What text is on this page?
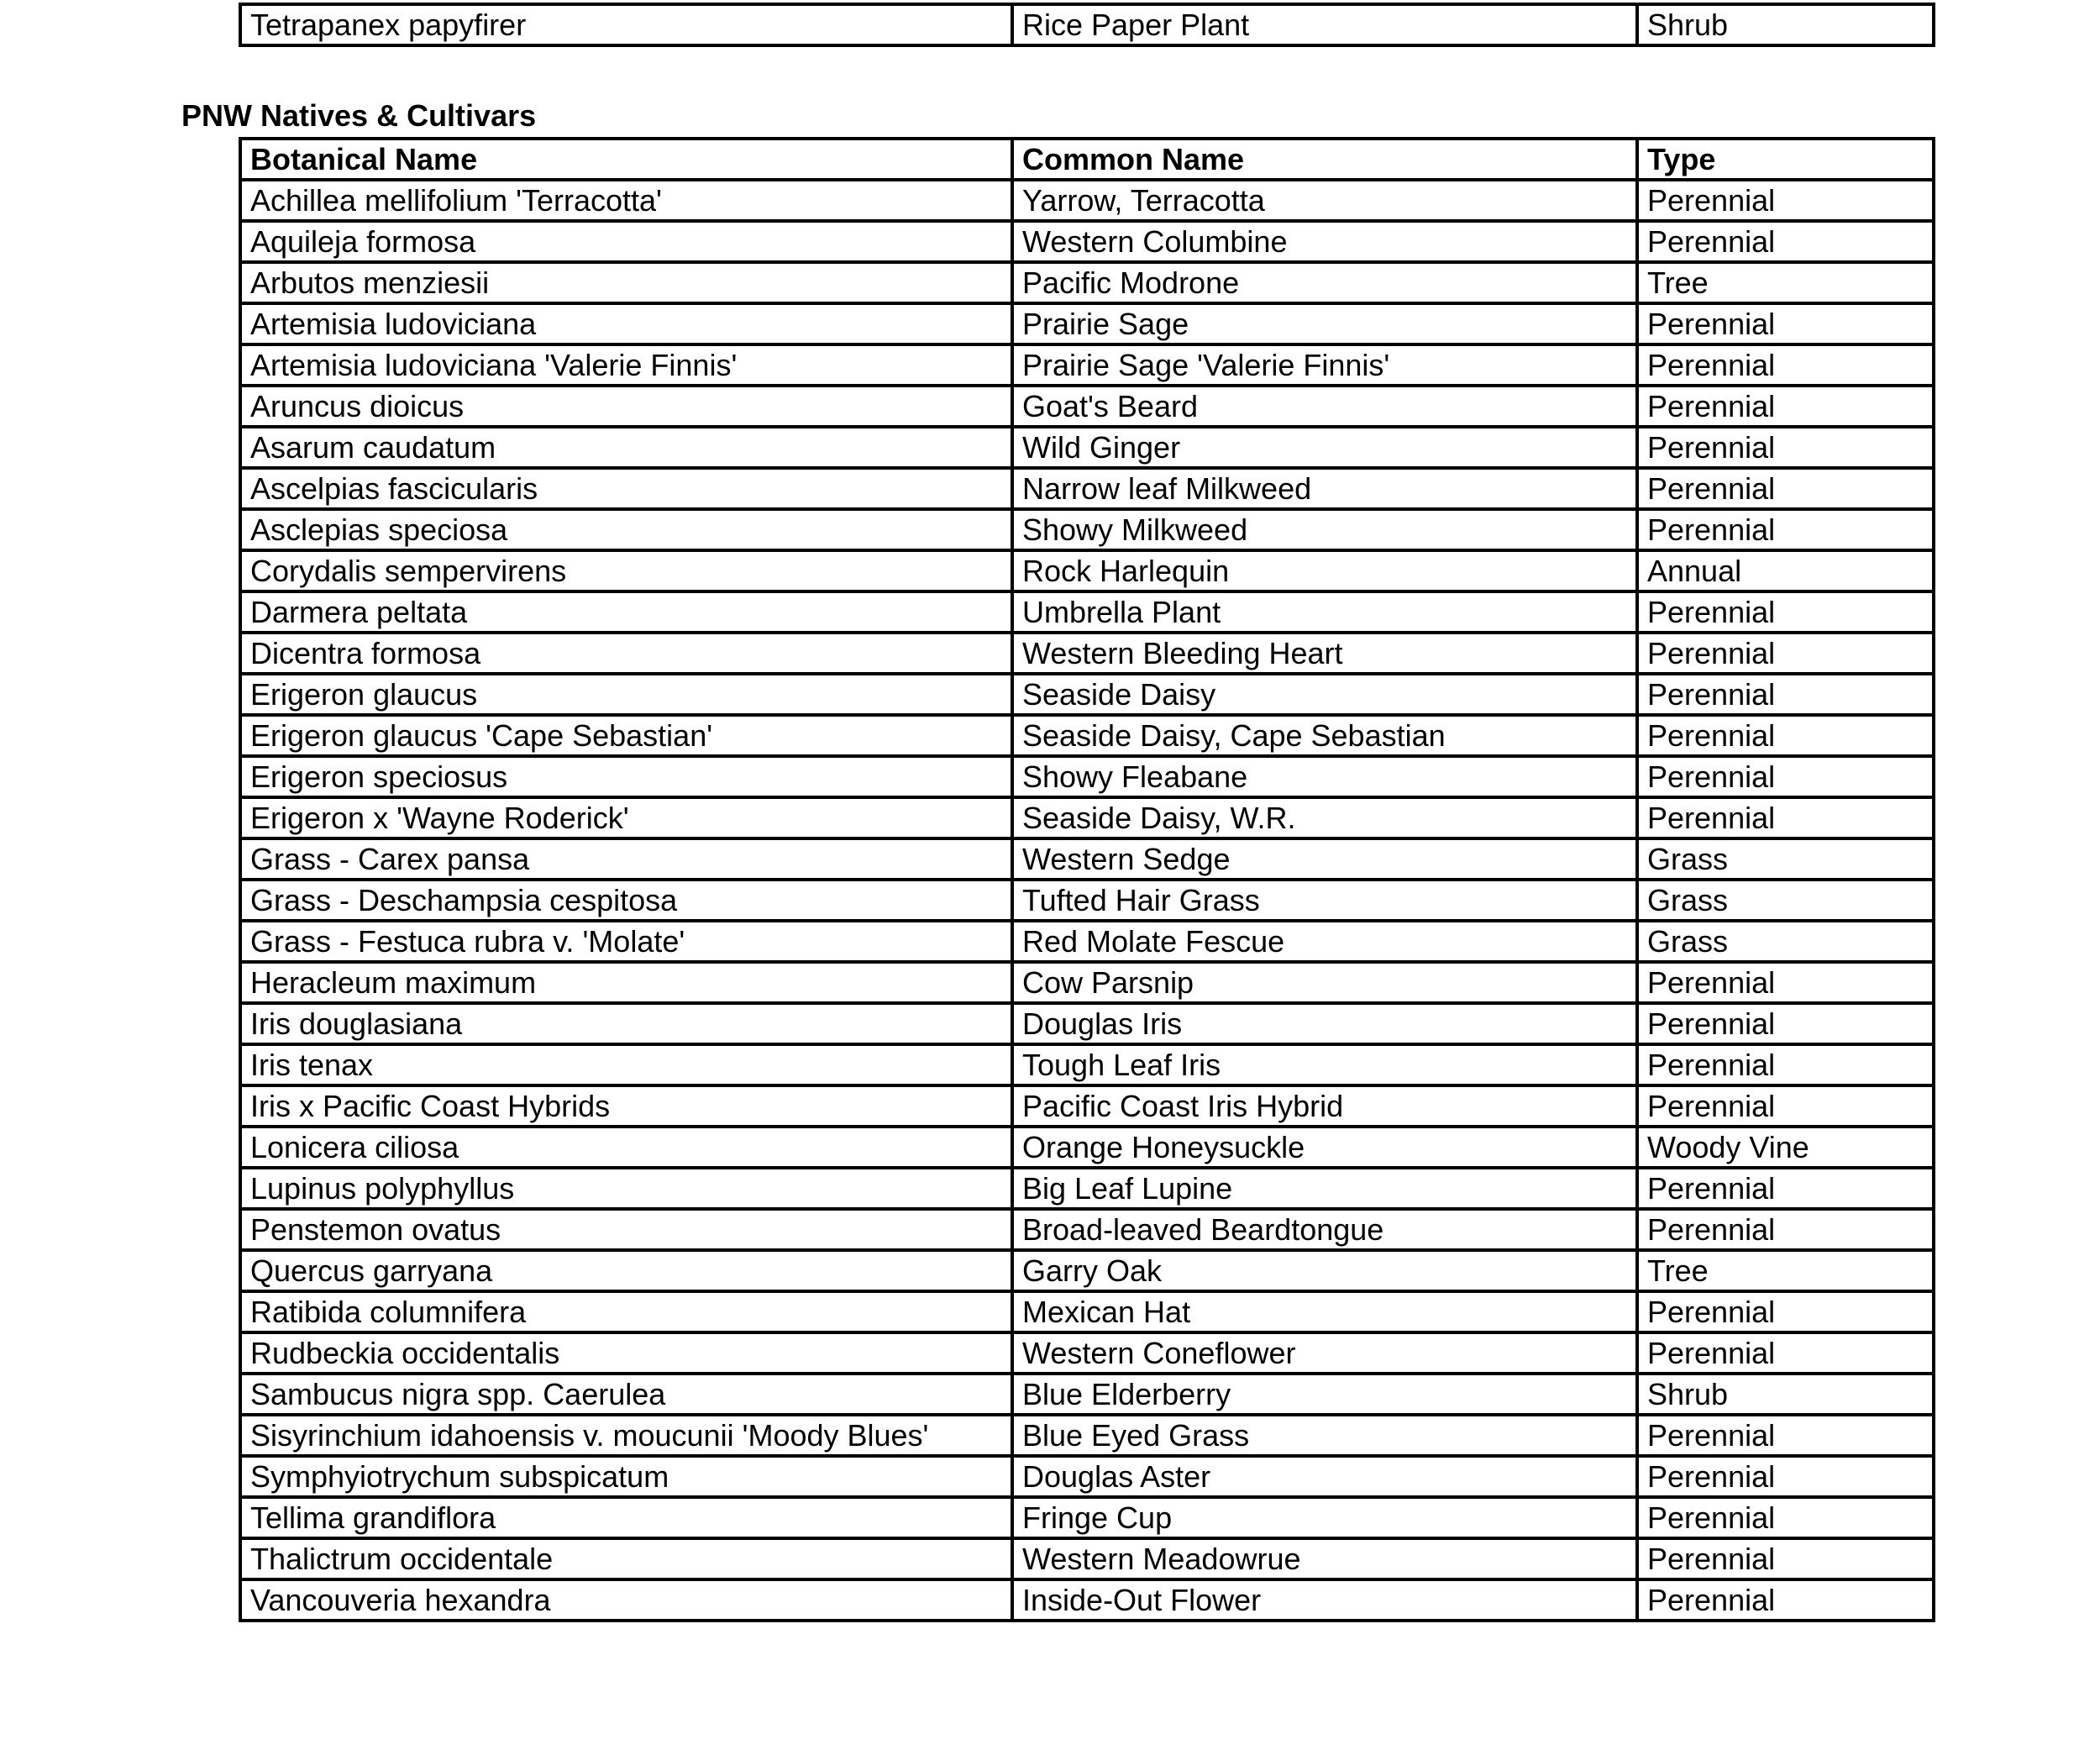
Tetrapanex papyfirer	Rice Paper Plant	Shrub
PNW Natives & Cultivars
Botanical Name	Common Name	Type
Achillea mellifolium 'Terracotta'	Yarrow, Terracotta	Perennial
Aquileja formosa	Western Columbine	Perennial
Arbutos menziesii	Pacific Modrone	Tree
Artemisia ludoviciana	Prairie Sage	Perennial
Artemisia ludoviciana 'Valerie Finnis'	Prairie Sage 'Valerie Finnis'	Perennial
Aruncus dioicus	Goat's Beard	Perennial
Asarum caudatum	Wild Ginger	Perennial
Ascelpias fascicularis	Narrow leaf Milkweed	Perennial
Asclepias speciosa	Showy Milkweed	Perennial
Corydalis sempervirens	Rock Harlequin	Annual
Darmera peltata	Umbrella Plant	Perennial
Dicentra formosa	Western Bleeding Heart	Perennial
Erigeron glaucus	Seaside Daisy	Perennial
Erigeron glaucus 'Cape Sebastian'	Seaside Daisy, Cape Sebastian	Perennial
Erigeron speciosus	Showy Fleabane	Perennial
Erigeron x 'Wayne Roderick'	Seaside Daisy, W.R.	Perennial
Grass - Carex pansa	Western Sedge	Grass
Grass - Deschampsia cespitosa	Tufted Hair Grass	Grass
Grass - Festuca rubra v. 'Molate'	Red Molate Fescue	Grass
Heracleum maximum	Cow Parsnip	Perennial
Iris douglasiana	Douglas Iris	Perennial
Iris tenax	Tough Leaf Iris	Perennial
Iris x Pacific Coast Hybrids	Pacific Coast Iris Hybrid	Perennial
Lonicera ciliosa	Orange Honeysuckle	Woody Vine
Lupinus polyphyllus	Big Leaf Lupine	Perennial
Penstemon ovatus	Broad-leaved Beardtongue	Perennial
Quercus garryana	Garry Oak	Tree
Ratibida columnifera	Mexican Hat	Perennial
Rudbeckia occidentalis	Western Coneflower	Perennial
Sambucus nigra spp. Caerulea	Blue Elderberry	Shrub
Sisyrinchium idahoensis v. moucunii 'Moody Blues'	Blue Eyed Grass	Perennial
Symphyiotrychum subspicatum	Douglas Aster	Perennial
Tellima grandiflora	Fringe Cup	Perennial
Thalictrum occidentale	Western Meadowrue	Perennial
Vancouveria hexandra	Inside-Out Flower	Perennial
